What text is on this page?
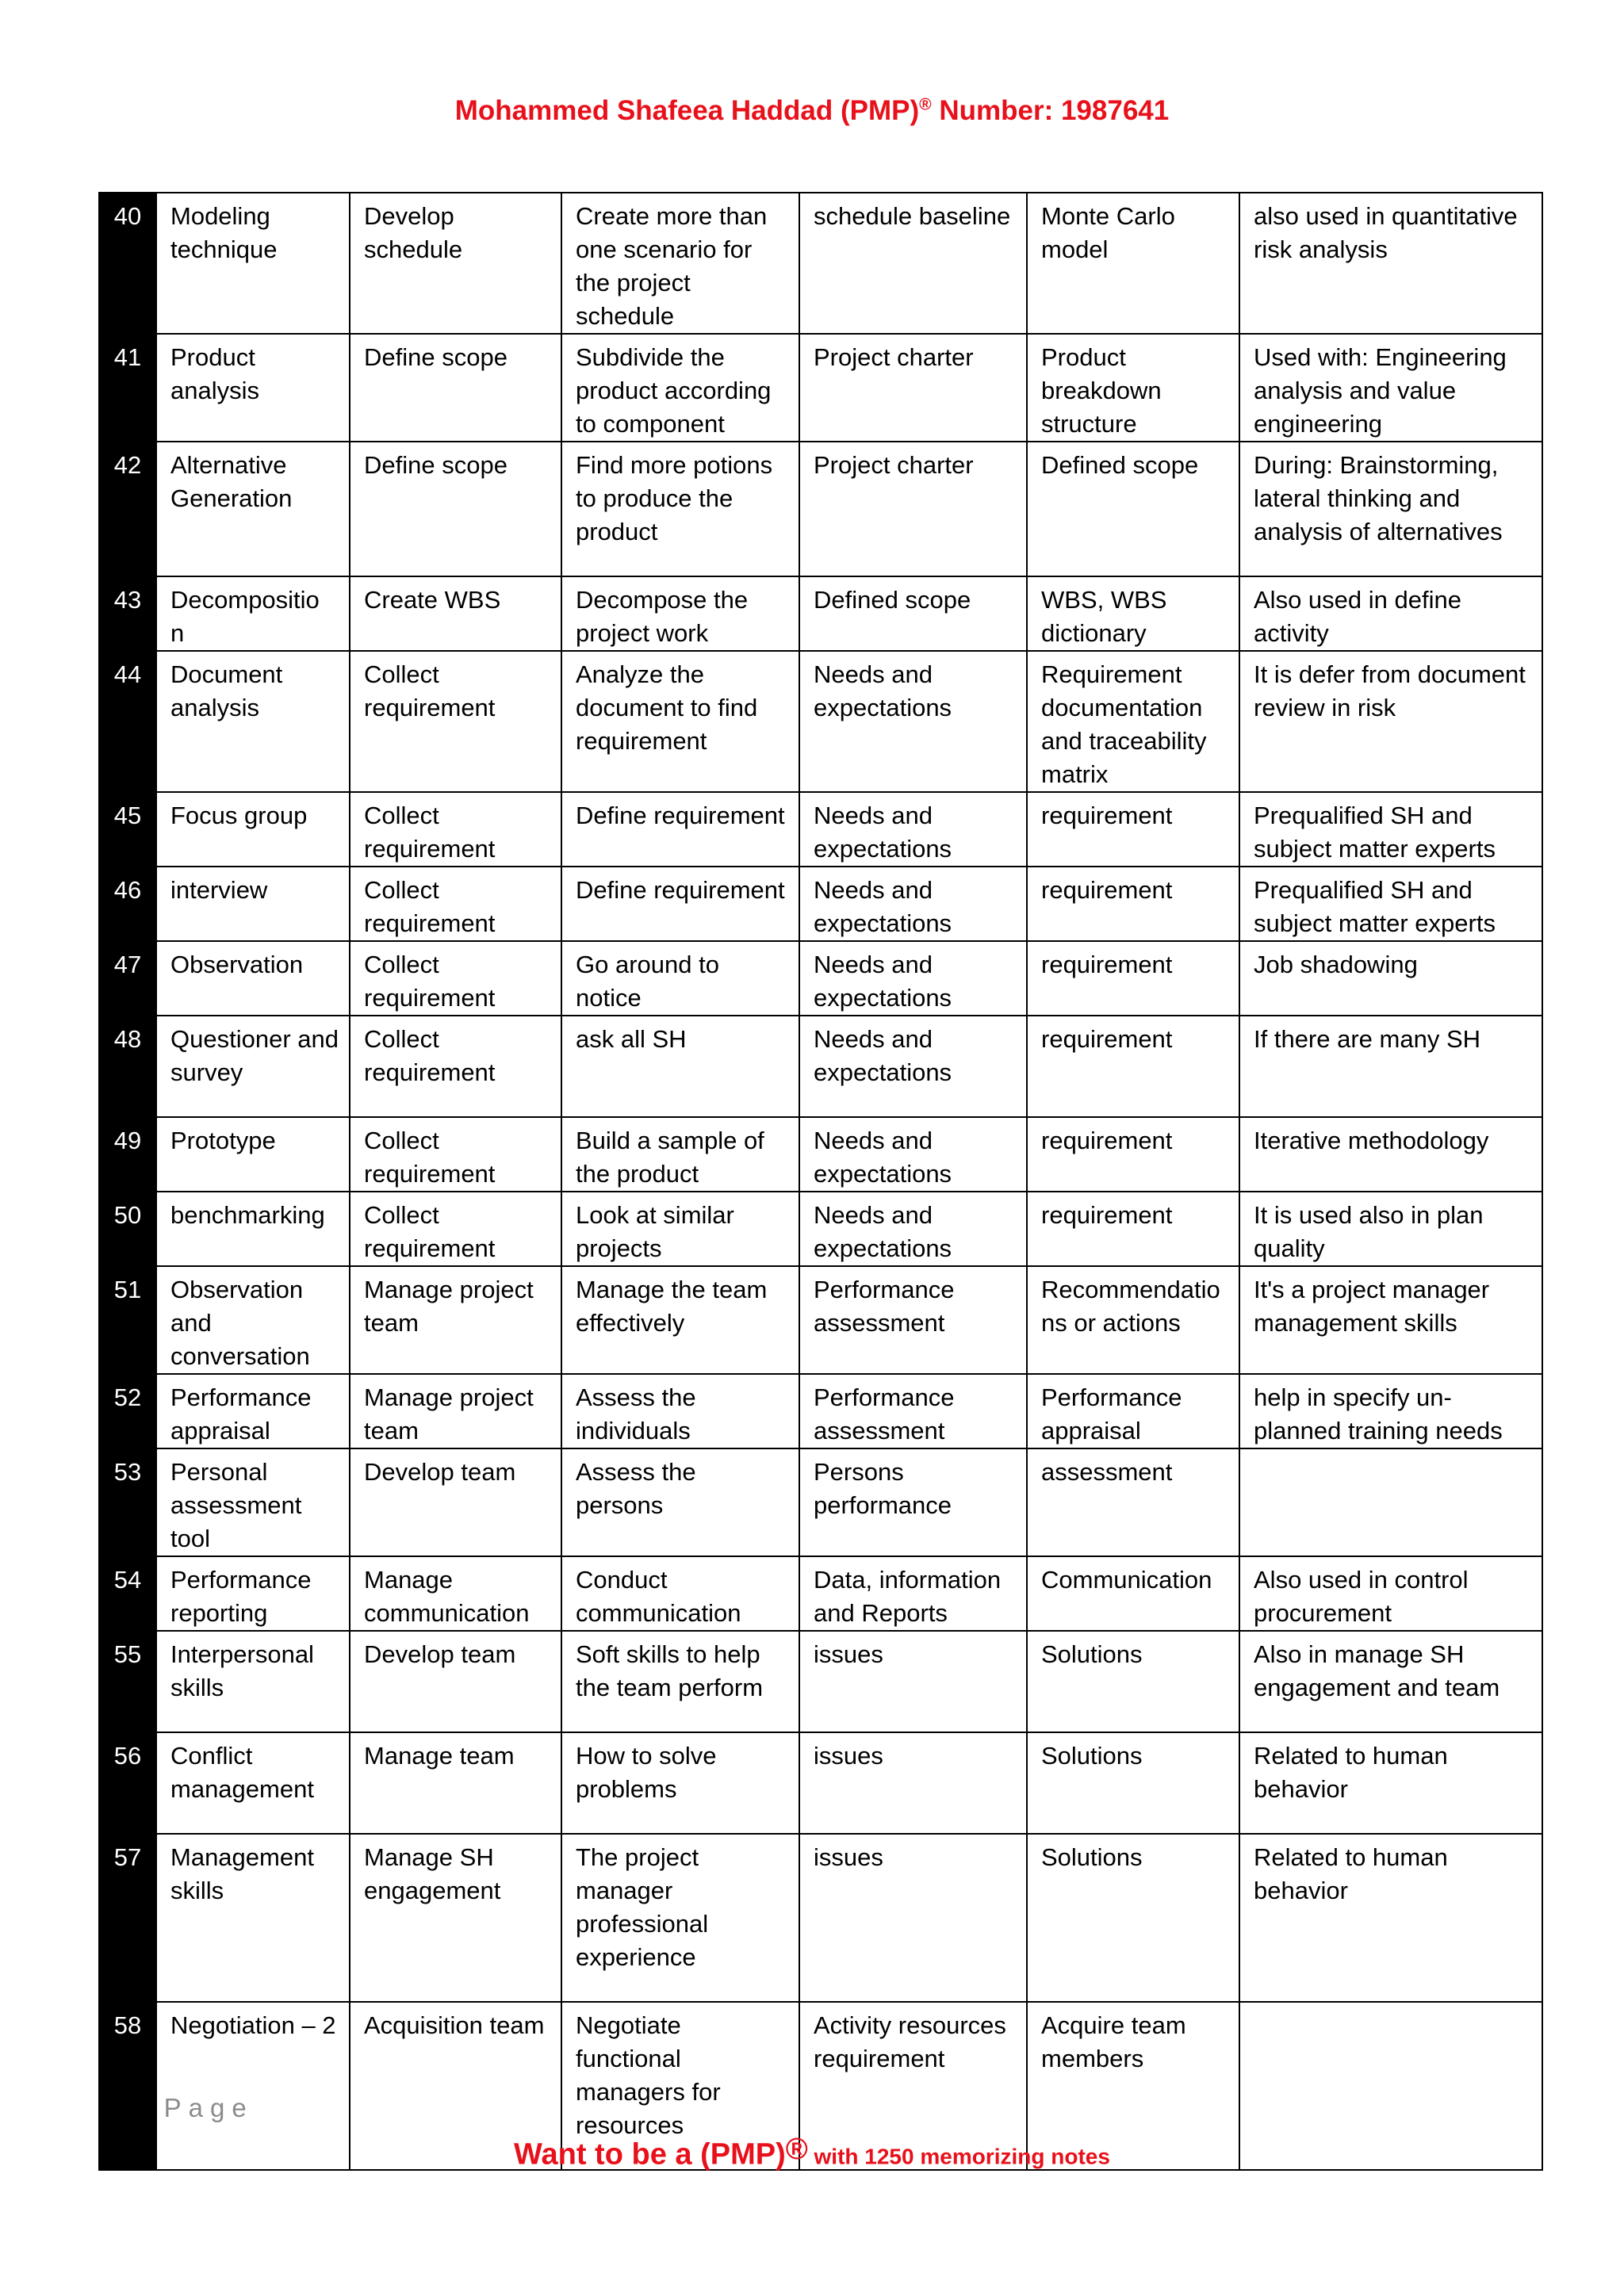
Mohammed Shafeea Haddad (PMP)® Number: 1987641
40	Modeling technique	Develop schedule	Create more than one scenario for the project schedule	schedule baseline	Monte Carlo model	also used in quantitative risk analysis
41	Product analysis	Define scope	Subdivide the product according to component	Project charter	Product breakdown structure	Used with: Engineering analysis and value engineering
42	Alternative Generation	Define scope	Find more potions to produce the product	Project charter	Defined scope	During: Brainstorming, lateral thinking and analysis of alternatives
43	Decompositio n	Create WBS	Decompose the project work	Defined scope	WBS, WBS dictionary	Also used in define activity
44	Document analysis	Collect requirement	Analyze the document to find requirement	Needs and expectations	Requirement documentation and traceability matrix	It is defer from document review in risk
45	Focus group	Collect requirement	Define requirement	Needs and expectations	requirement	Prequalified SH and subject matter experts
46	interview	Collect requirement	Define requirement	Needs and expectations	requirement	Prequalified SH and subject matter experts
47	Observation	Collect requirement	Go around to notice	Needs and expectations	requirement	Job shadowing
48	Questioner and survey	Collect requirement	ask all SH	Needs and expectations	requirement	If there are many SH
49	Prototype	Collect requirement	Build a sample of the product	Needs and expectations	requirement	Iterative methodology
50	benchmarking	Collect requirement	Look at similar projects	Needs and expectations	requirement	It is used also in plan quality
51	Observation and conversation	Manage project team	Manage the team effectively	Performance assessment	Recommendatio ns or actions	It's a project manager management skills
52	Performance appraisal	Manage project team	Assess the individuals	Performance assessment	Performance appraisal	help in specify un-planned training needs
53	Personal assessment tool	Develop team	Assess the persons	Persons performance	assessment	
54	Performance reporting	Manage communication	Conduct communication	Data, information and Reports	Communication	Also used in control procurement
55	Interpersonal skills	Develop team	Soft skills to help the team perform	issues	Solutions	Also in manage SH engagement and team
56	Conflict management	Manage team	How to solve problems	issues	Solutions	Related to human behavior
57	Management skills	Manage SH engagement	The project manager professional experience	issues	Solutions	Related to human behavior
58	Negotiation – 2	Acquisition team	Negotiate functional managers for resources	Activity resources requirement	Acquire team members	
180 | Page
Want to be a (PMP)® with 1250 memorizing notes
